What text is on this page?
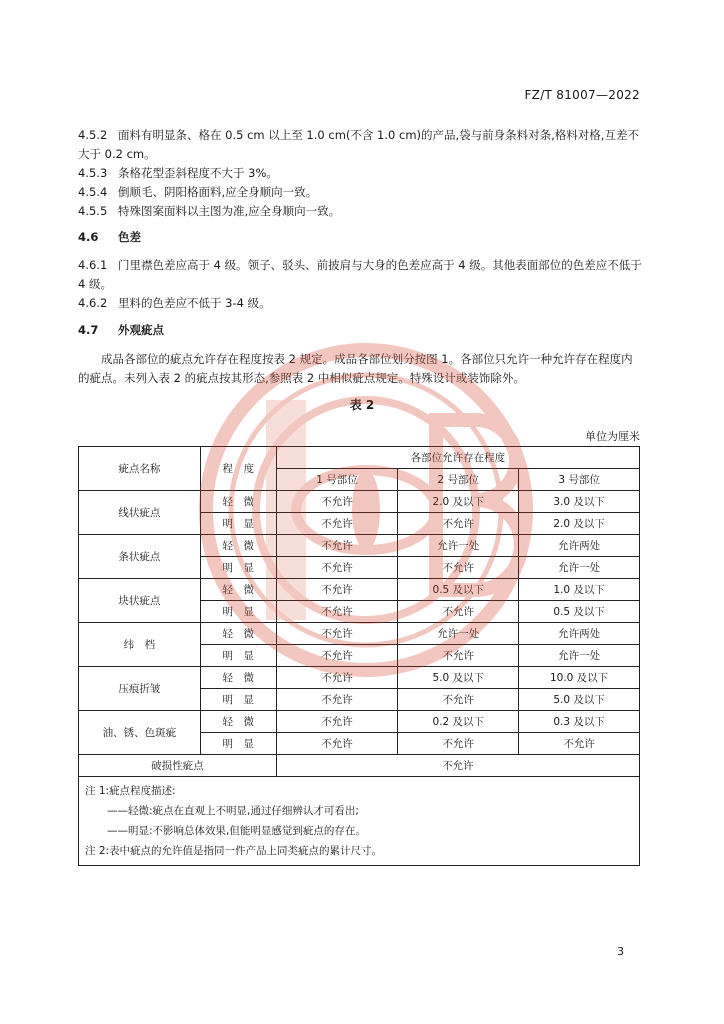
FZ/T 81007—2022
4.5.2 面料有明显条、格在 0.5 cm 以上至 1.0 cm(不含 1.0 cm)的产品,袋与前身条料对条,格料对格,互差不大于 0.2 cm。
4.5.3 条格花型歪斜程度不大于 3%。
4.5.4 倒顺毛、阴阳格面料,应全身顺向一致。
4.5.5 特殊图案面料以主图为准,应全身顺向一致。
4.6 色差
4.6.1 门里襟色差应高于 4 级。领子、驳头、前披肩与大身的色差应高于 4 级。其他表面部位的色差应不低于 4 级。
4.6.2 里料的色差应不低于 3-4 级。
4.7 外观疵点
成品各部位的疵点允许存在程度按表 2 规定。成品各部位划分按图 1。各部位只允许一种允许存在程度内的疵点。未列入表 2 的疵点按其形态,参照表 2 中相似疵点规定。特殊设计或装饰除外。
表 2
单位为厘米
疵点名称	程　度	各部位允许存在程度		
		1 号部位	2 号部位	3 号部位
线状疵点	轻　微	不允许	2.0 及以下	3.0 及以下
	明　显	不允许	不允许	2.0 及以下
条状疵点	轻　微	不允许	允许一处	允许两处
	明　显	不允许	不允许	允许一处
块状疵点	轻　微	不允许	0.5 及以下	1.0 及以下
	明　显	不允许	不允许	0.5 及以下
纬　档	轻　微	不允许	允许一处	允许两处
	明　显	不允许	不允许	允许一处
压痕折皱	轻　微	不允许	5.0 及以下	10.0 及以下
	明　显	不允许	不允许	5.0 及以下
油、锈、色斑疵	轻　微	不允许	0.2 及以下	0.3 及以下
	明　显	不允许	不允许	不允许
破损性疵点		不允许		

注 1:疵点程度描述:
——轻微:疵点在直观上不明显,通过仔细辨认才可看出;
——明显:不影响总体效果,但能明显感觉到疵点的存在。
注 2:表中疵点的允许值是指同一件产品上同类疵点的累计尺寸。				
3
